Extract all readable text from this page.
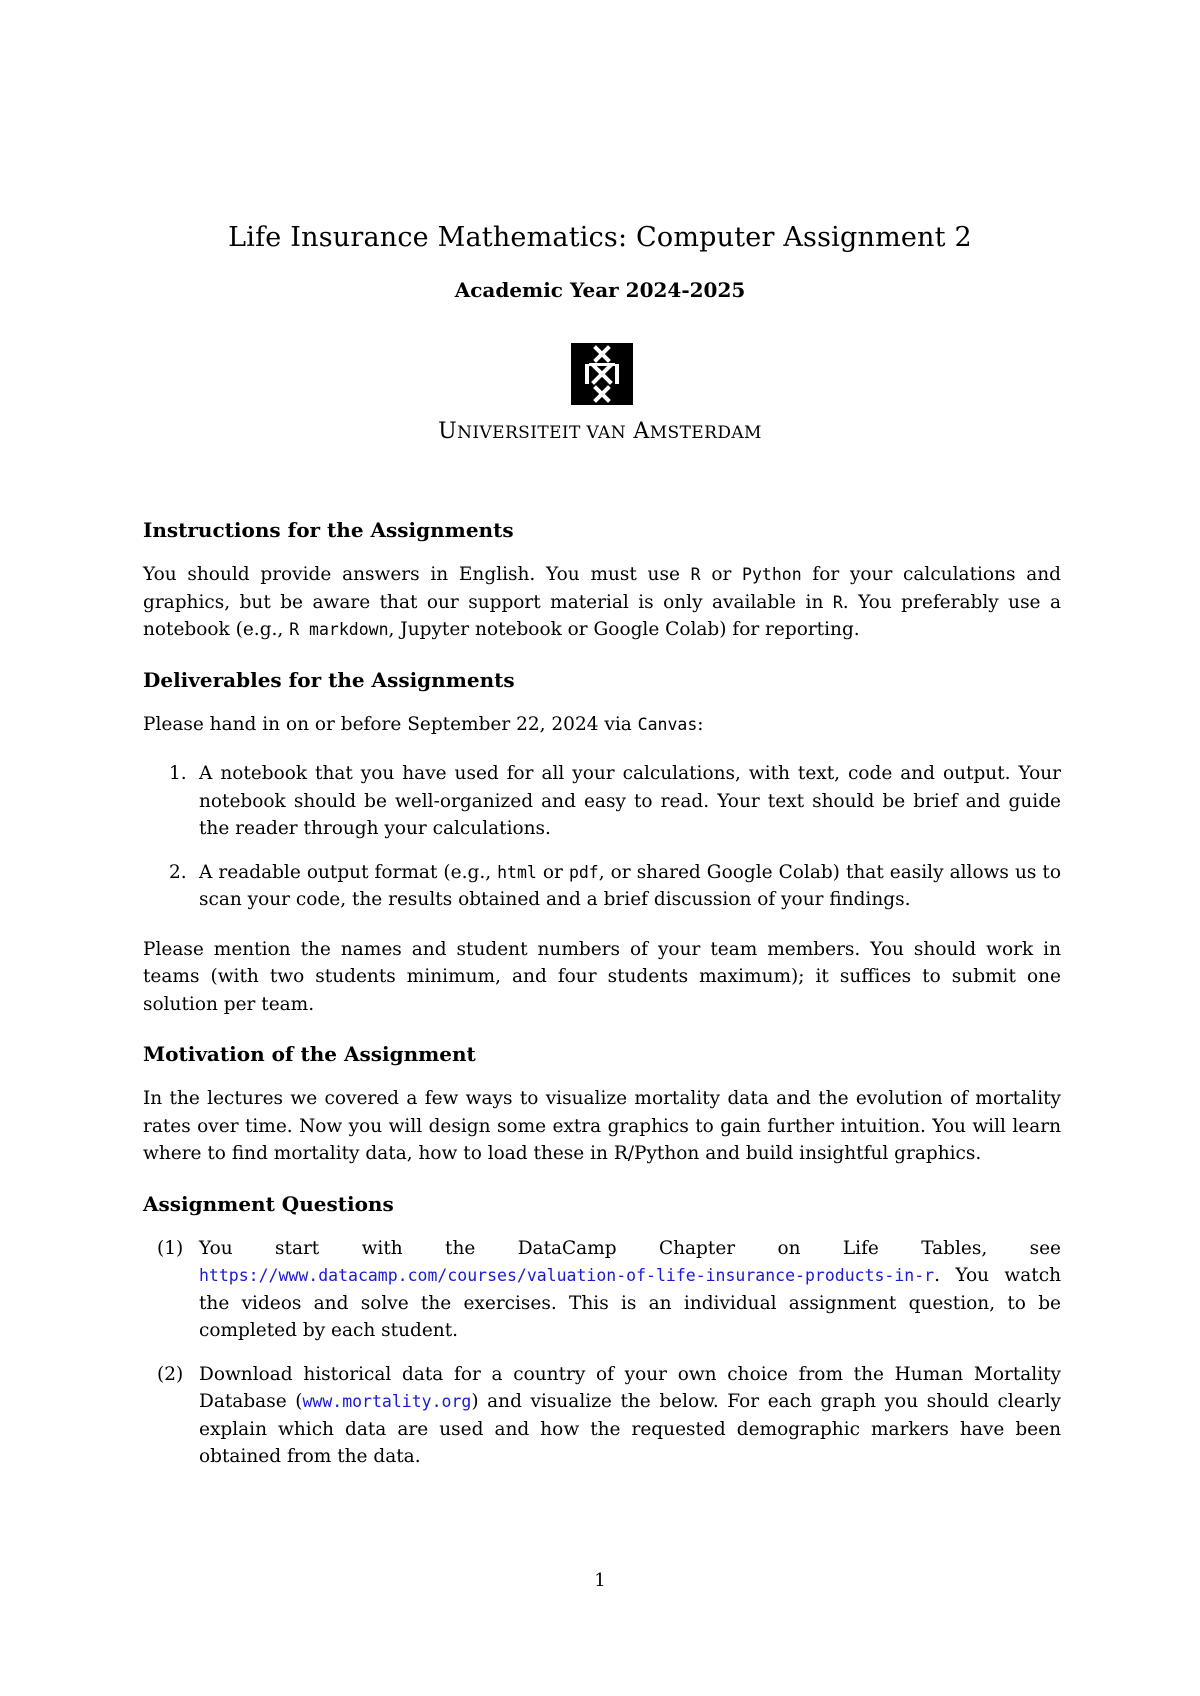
Life Insurance Mathematics: Computer Assignment 2
Academic Year 2024-2025
UNIVERSITEIT VAN AMSTERDAM
Instructions for the Assignments

You should provide answers in English. You must use R or Python for your calculations and graphics, but be aware that our support material is only available in R. You preferably use a notebook (e.g., R markdown, Jupyter notebook or Google Colab) for reporting.

Deliverables for the Assignments

Please hand in on or before September 22, 2024 via Canvas:

1. A notebook that you have used for all your calculations, with text, code and output. Your notebook should be well-organized and easy to read. Your text should be brief and guide the reader through your calculations.
2. A readable output format (e.g., html or pdf, or shared Google Colab) that easily allows us to scan your code, the results obtained and a brief discussion of your findings.

Please mention the names and student numbers of your team members. You should work in teams (with two students minimum, and four students maximum); it suffices to submit one solution per team.

Motivation of the Assignment

In the lectures we covered a few ways to visualize mortality data and the evolution of mortality rates over time. Now you will design some extra graphics to gain further intuition. You will learn where to find mortality data, how to load these in R/Python and build insightful graphics.

Assignment Questions
(1) You start with the DataCamp Chapter on Life Tables, see https://www.datacamp.com/courses/valuation-of-life-insurance-products-in-r. You watch the videos and solve the exercises. This is an individual assignment question, to be completed by each student.
(2) Download historical data for a country of your own choice from the Human Mortality Database (www.mortality.org) and visualize the below. For each graph you should clearly explain which data are used and how the requested demographic markers have been obtained from the data.
1
